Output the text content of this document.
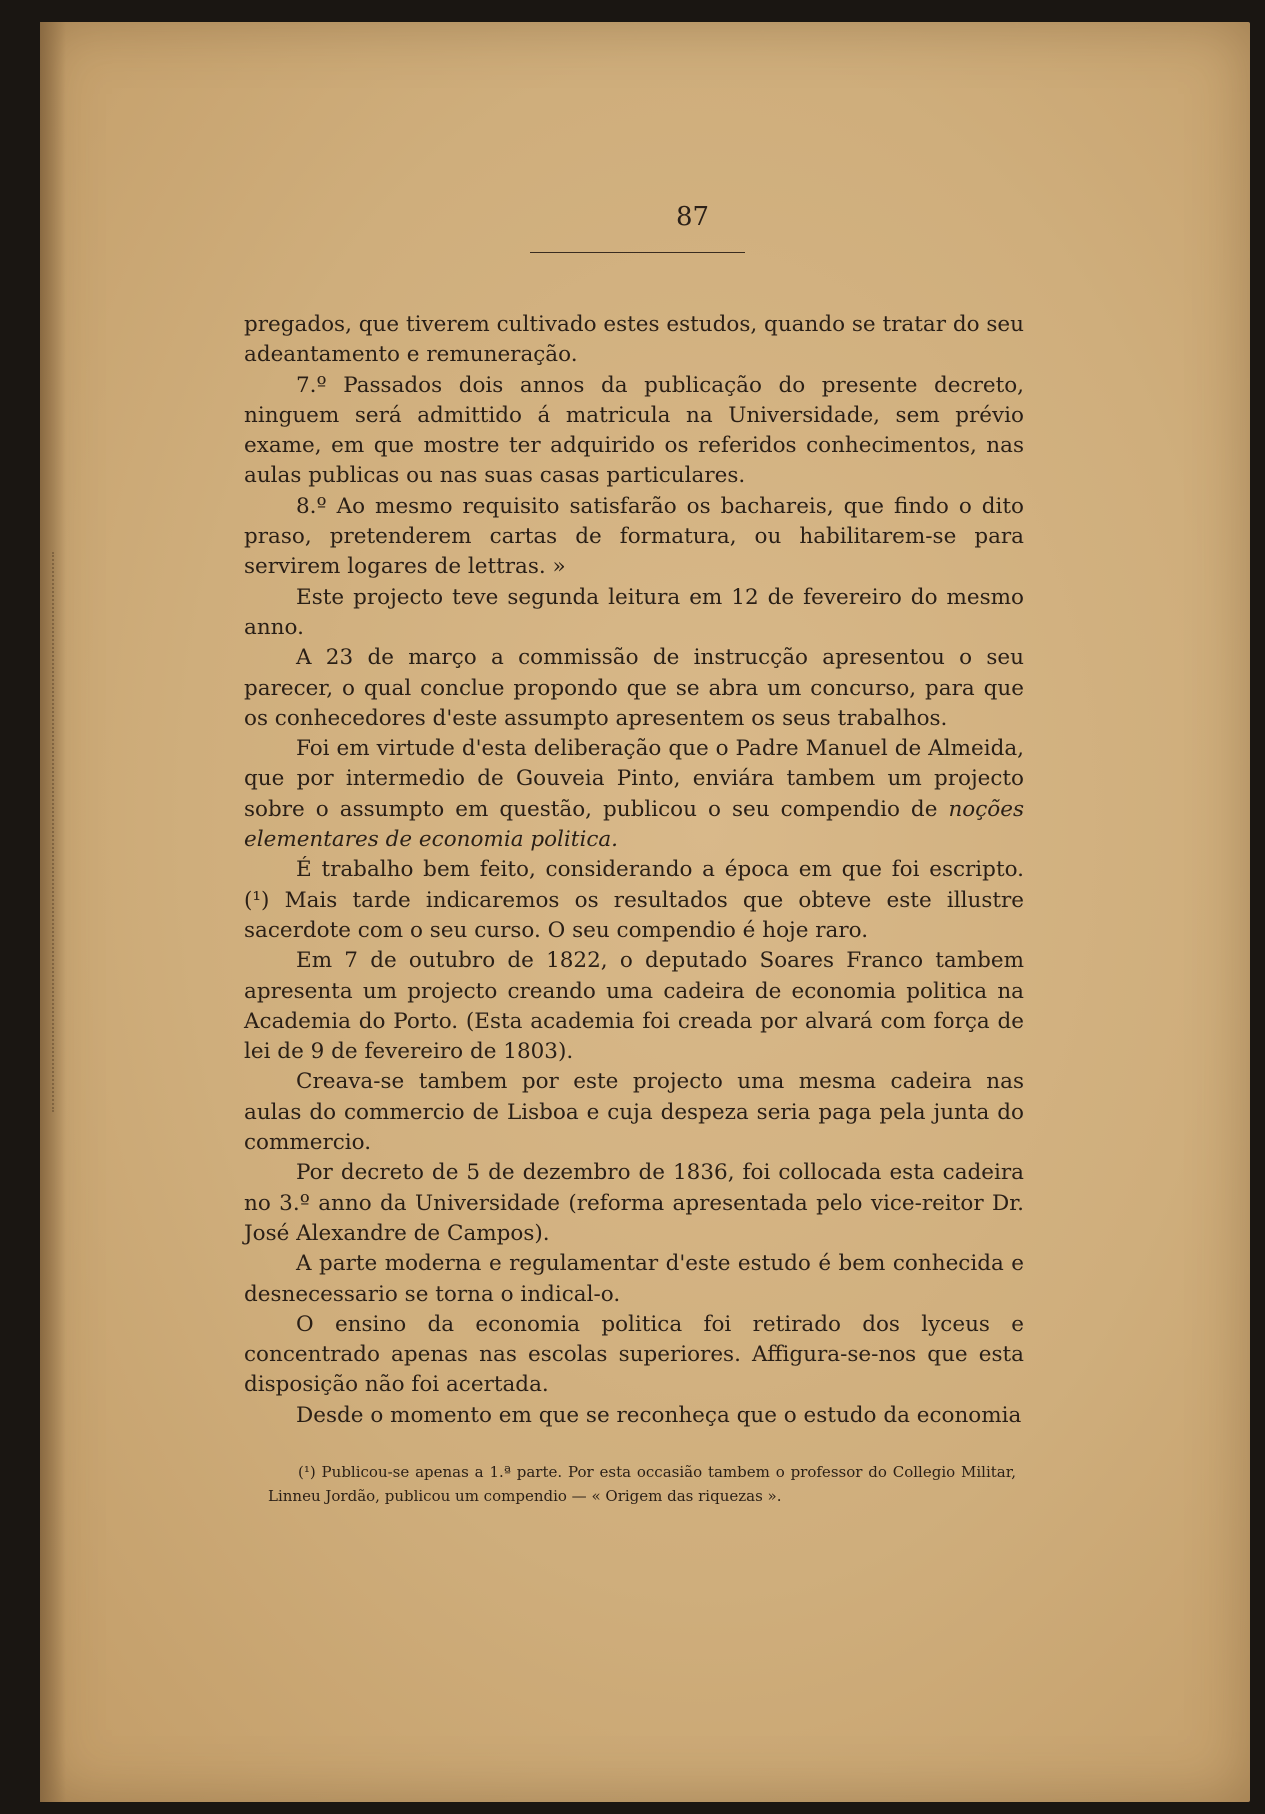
87

pregados, que tiverem cultivado estes estudos, quando se tratar do seu adeantamento e remuneração.

7.º Passados dois annos da publicação do presente decreto, ninguem será admittido á matricula na Universidade, sem prévio exame, em que mostre ter adquirido os referidos conhecimentos, nas aulas publicas ou nas suas casas particulares.

8.º Ao mesmo requisito satisfarão os bachareis, que findo o dito praso, pretenderem cartas de formatura, ou habilitarem-se para servirem logares de lettras. »

Este projecto teve segunda leitura em 12 de fevereiro do mesmo anno.

A 23 de março a commissão de instrucção apresentou o seu parecer, o qual conclue propondo que se abra um concurso, para que os conhecedores d'este assumpto apresentem os seus trabalhos.

Foi em virtude d'esta deliberação que o Padre Manuel de Almeida, que por intermedio de Gouveia Pinto, enviára tambem um projecto sobre o assumpto em questão, publicou o seu compendio de noções elementares de economia politica.

É trabalho bem feito, considerando a época em que foi escripto. (¹) Mais tarde indicaremos os resultados que obteve este illustre sacerdote com o seu curso. O seu compendio é hoje raro.

Em 7 de outubro de 1822, o deputado Soares Franco tambem apresenta um projecto creando uma cadeira de economia politica na Academia do Porto. (Esta academia foi creada por alvará com força de lei de 9 de fevereiro de 1803).

Creava-se tambem por este projecto uma mesma cadeira nas aulas do commercio de Lisboa e cuja despeza seria paga pela junta do commercio.

Por decreto de 5 de dezembro de 1836, foi collocada esta cadeira no 3.º anno da Universidade (reforma apresentada pelo vice-reitor Dr. José Alexandre de Campos).

A parte moderna e regulamentar d'este estudo é bem conhecida e desnecessario se torna o indical-o.

O ensino da economia politica foi retirado dos lyceus e concentrado apenas nas escolas superiores. Affigura-se-nos que esta disposição não foi acertada.

Desde o momento em que se reconheça que o estudo da economia

(¹) Publicou-se apenas a 1.ª parte. Por esta occasião tambem o professor do Collegio Militar, Linneu Jordão, publicou um compendio — « Origem das riquezas ».
